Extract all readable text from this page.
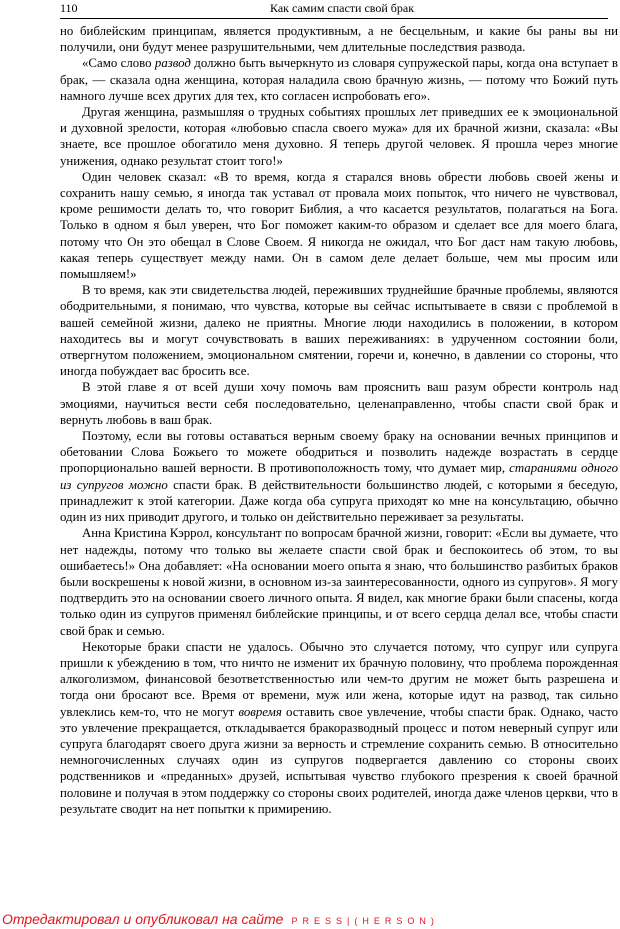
110	Как самим спасти свой брак

но библейским принципам, является продуктивным, а не бесцельным, и какие бы раны вы ни получили, они будут менее разрушительными, чем длительные последствия развода.

«Само слово развод должно быть вычеркнуто из словаря супружеской пары, когда она вступает в брак, — сказала одна женщина, которая наладила свою брачную жизнь, — потому что Божий путь намного лучше всех других для тех, кто согласен испробовать его».

Другая женщина, размышляя о трудных событиях прошлых лет приведших ее к эмоциональной и духовной зрелости, которая «любовью спасла своего мужа» для их брачной жизни, сказала: «Вы знаете, все прошлое обогатило меня духовно. Я теперь другой человек. Я прошла через многие унижения, однако результат стоит того!»

Один человек сказал: «В то время, когда я старался вновь обрести любовь своей жены и сохранить нашу семью, я иногда так уставал от провала моих попыток, что ничего не чувствовал, кроме решимости делать то, что говорит Библия, а что касается результатов, полагаться на Бога. Только в одном я был уверен, что Бог поможет каким-то образом и сделает все для моего блага, потому что Он это обещал в Слове Своем. Я никогда не ожидал, что Бог даст нам такую любовь, какая теперь существует между нами. Он в самом деле делает больше, чем мы просим или помышляем!»

В то время, как эти свидетельства людей, переживших труднейшие брачные проблемы, являются ободрительными, я понимаю, что чувства, которые вы сейчас испытываете в связи с проблемой в вашей семейной жизни, далеко не приятны. Многие люди находились в положении, в котором находитесь вы и могут сочувствовать в ваших переживаниях: в удрученном состоянии боли, отвергнутом положением, эмоциональном смятении, горечи и, конечно, в давлении со стороны, что иногда побуждает вас бросить все.

В этой главе я от всей души хочу помочь вам прояснить ваш разум обрести контроль над эмоциями, научиться вести себя последовательно, целенаправленно, чтобы спасти свой брак и вернуть любовь в ваш брак.

Поэтому, если вы готовы оставаться верным своему браку на основании вечных принципов и обетовании Слова Божьего то можете ободриться и позволить надежде возрастать в сердце пропорционально вашей верности. В противоположность тому, что думает мир, стараниями одного из супругов можно спасти брак. В действительности большинство людей, с которыми я беседую, принадлежит к этой категории. Даже когда оба супруга приходят ко мне на консультацию, обычно один из них приводит другого, и только он действительно переживает за результаты.

Анна Кристина Кэррол, консультант по вопросам брачной жизни, говорит: «Если вы думаете, что нет надежды, потому что только вы желаете спасти свой брак и беспокоитесь об этом, то вы ошибаетесь!» Она добавляет: «На основании моего опыта я знаю, что большинство разбитых браков были воскрешены к новой жизни, в основном из-за заинтересованности, одного из супругов». Я могу подтвердить это на основании своего личного опыта. Я видел, как многие браки были спасены, когда только один из супругов применял библейские принципы, и от всего сердца делал все, чтобы спасти свой брак и семью.

Некоторые браки спасти не удалось. Обычно это случается потому, что супруг или супруга пришли к убеждению в том, что ничто не изменит их брачную половину, что проблема порожденная алкоголизмом, финансовой безответственностью или чем-то другим не может быть разрешена и тогда они бросают все. Время от времени, муж или жена, которые идут на развод, так сильно увлеклись кем-то, что не могут вовремя оставить свое увлечение, чтобы спасти брак. Однако, часто это увлечение прекращается, откладывается бракоразводный процесс и потом неверный супруг или супруга благодарят своего друга жизни за верность и стремление сохранить семью. В относительно немногочисленных случаях один из супругов подвергается давлению со стороны своих родственников и «преданных» друзей, испытывая чувство глубокого презрения к своей брачной половине и получая в этом поддержку со стороны своих родителей, иногда даже членов церкви, что в результате сводит на нет попытки к примирению.

Отредактировал и опубликовал на сайте PRESS|(HERSON)
